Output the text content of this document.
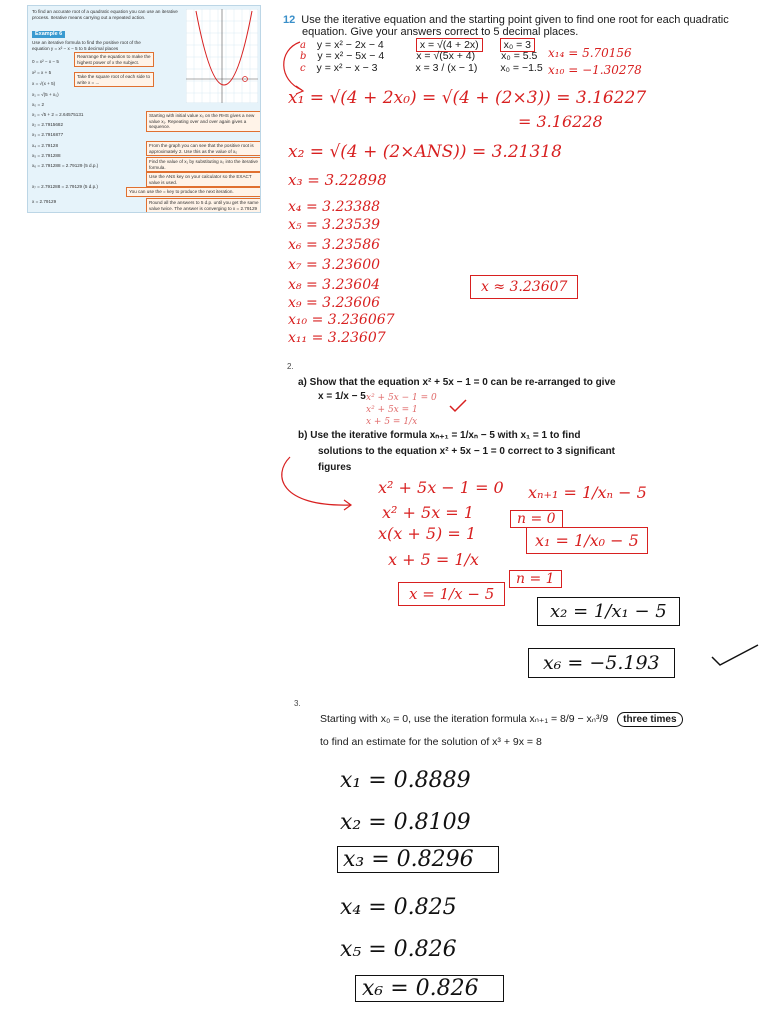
To find an accurate root of a quadratic equation you can use an iterative process. Iterative means carrying out a repeated action.
Example 6
Use an iterative formula to find the positive root of the equation y = x² − x − 5 to 5 decimal places
0 = x² − x − 5
x² = x + 5
x = √(x + 5)
x₁ = √(5 + x₀)
x₀ = 2
x₁ = √5 + 2 = 2.64575131
x₂ = 2.7915682
x₃ = 2.7916877
x₄ = 2.79128
x₅ = 2.791288
x₆ = 2.791288 = 2.79129 (5 d.p.)
x₇ = 2.791288 = 2.79129 (5 d.p.)
x = 2.79129
Rearrange the equation to make the highest power of x the subject.
Take the square root of each side to write x = ...
Starting with initial value x₀ on the RHS gives a new value x₁. Repeating over and over again gives a sequence.
From the graph you can see that the positive root is approximately 2. Use this as the value of x₀
Find the value of x₁ by substituting x₀ into the iterative formula.
Use the ANS key on your calculator so the EXACT value is used.
You can use the = key to produce the next iteration.
Round all the answers to 5 d.p. until you get the same value twice. The answer is converging to x = 2.79129
12 Use the iterative equation and the starting point given to find one root for each quadratic
equation. Give your answers correct to 5 decimal places.
a y = x² − 2x − 4	x = √(4 + 2x) x₀ = 3
b y = x² − 5x − 4	x = √(5x + 4) x₀ = 5.5
c y = x² − x − 3	x = 3 / (x − 1) x₀ = −1.5
x₁₄ = 5.70156
x₁₀ = −1.30278
x₁ = √(4 + 2x₀) = √(4 + (2×3)) = 3.16227
= 3.16228
x₂ = √(4 + (2×ANS)) = 3.21318
x₃ = 3.22898
x₄ = 3.23388
x₅ = 3.23539
x₆ = 3.23586
x₇ = 3.23600
x₈ = 3.23604
x₉ = 3.23606
x₁₀ = 3.236067
x₁₁ = 3.23607
x ≈ 3.23607
2.
a) Show that the equation x² + 5x − 1 = 0 can be re-arranged to give
x = 1/x − 5 x² + 5x − 1 = 0
x² + 5x = 1
x + 5 = 1/x
b) Use the iterative formula xₙ₊₁ = 1/xₙ − 5 with x₁ = 1 to find
solutions to the equation x² + 5x − 1 = 0 correct to 3 significant
figures
x² + 5x − 1 = 0
x² + 5x = 1
x(x + 5) = 1
x + 5 = 1/x
x = 1/x − 5
xₙ₊₁ = 1/xₙ − 5
n = 0
x₁ = 1/x₀ − 5
n = 1
x₂ = 1/x₁ − 5
x₆ = −5.193
3.
Starting with x₀ = 0, use the iteration formula xₙ₊₁ = 8/9 − xₙ³/9 three times
to find an estimate for the solution of x³ + 9x = 8
x₁ = 0.8889
x₂ = 0.8109
x₃ = 0.8296
x₄ = 0.825
x₅ = 0.826
x₆ = 0.826
